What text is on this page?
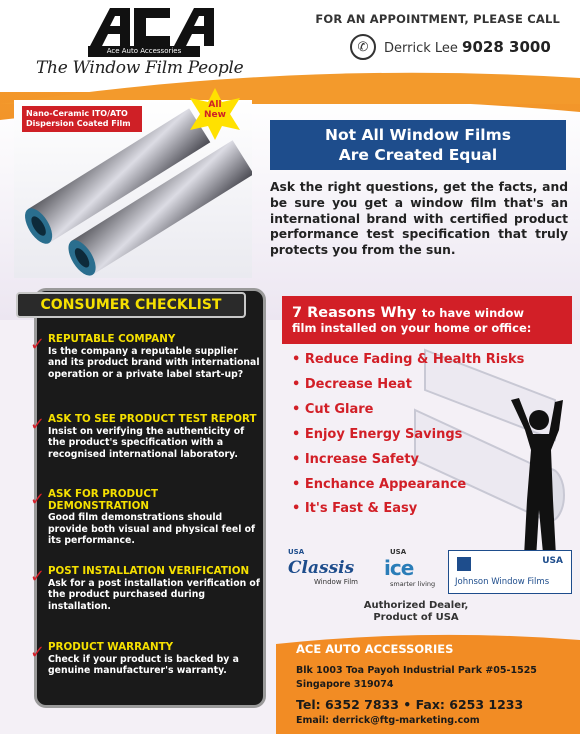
Ace Auto Accessories
The Window Film People
FOR AN APPOINTMENT, PLEASE CALL
✆	Derrick Lee 9028 3000
Nano-Ceramic ITO/ATO
Dispersion Coated Film
All
New
Not All Window Films
Are Created Equal
Ask the right questions, get the facts, and be sure you get a window film that's an international brand with certified product performance test specification that truly protects you from the sun.
CONSUMER CHECKLIST
✓ REPUTABLE COMPANY
Is the company a reputable supplier and its product brand with international operation or a private label start-up?
✓ ASK TO SEE PRODUCT TEST REPORT
Insist on verifying the authenticity of the product's specification with a recognised international laboratory.
✓ ASK FOR PRODUCT DEMONSTRATION
Good film demonstrations should provide both visual and physical feel of its performance.
✓ POST INSTALLATION VERIFICATION
Ask for a post installation verification of the product purchased during installation.
✓ PRODUCT WARRANTY
Check if your product is backed by a genuine manufacturer's warranty.
7 Reasons Why to have window
film installed on your home or office:
• Reduce Fading & Health Risks
• Decrease Heat
• Cut Glare
• Enjoy Energy Savings
• Increase Safety
• Enchance Appearance
• It's Fast & Easy
USA
Classis
Window Film
USA
ice
smarter living
USA
Johnson Window Films
Authorized Dealer,
Product of USA
ACE AUTO ACCESSORIES
Blk 1003 Toa Payoh Industrial Park #05-1525
Singapore 319074
Tel: 6352 7833 • Fax: 6253 1233
Email: derrick@ftg-marketing.com
